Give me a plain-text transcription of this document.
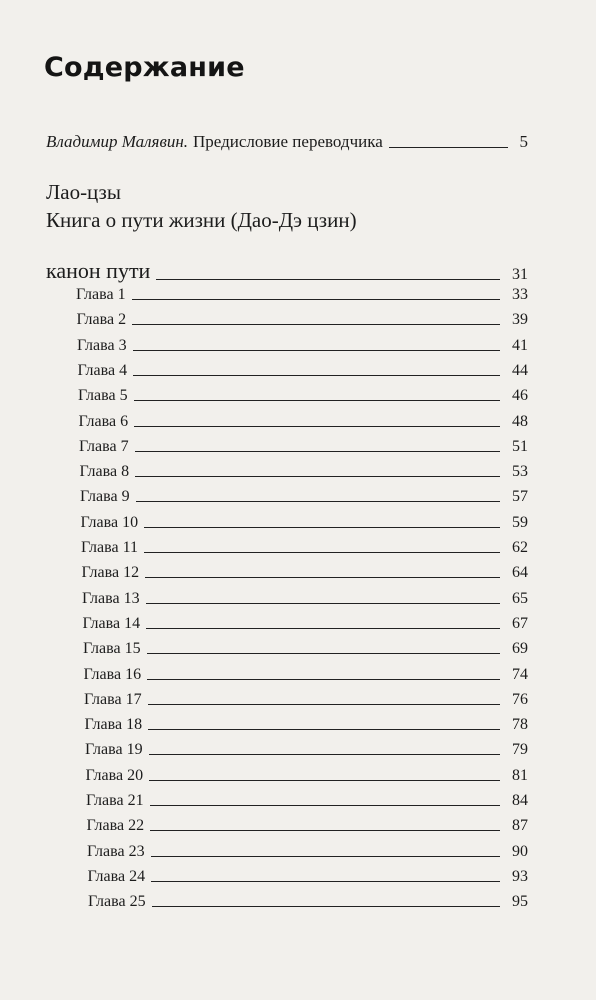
Содержание
Владимир Малявин. Предисловие переводчика	5
Лао-цзы
Книга о пути жизни (Дао-Дэ цзин)
канон пути	31
Глава 1	33
Глава 2	39
Глава 3	41
Глава 4	44
Глава 5	46
Глава 6	48
Глава 7	51
Глава 8	53
Глава 9	57
Глава 10	59
Глава 11	62
Глава 12	64
Глава 13	65
Глава 14	67
Глава 15	69
Глава 16	74
Глава 17	76
Глава 18	78
Глава 19	79
Глава 20	81
Глава 21	84
Глава 22	87
Глава 23	90
Глава 24	93
Глава 25	95
